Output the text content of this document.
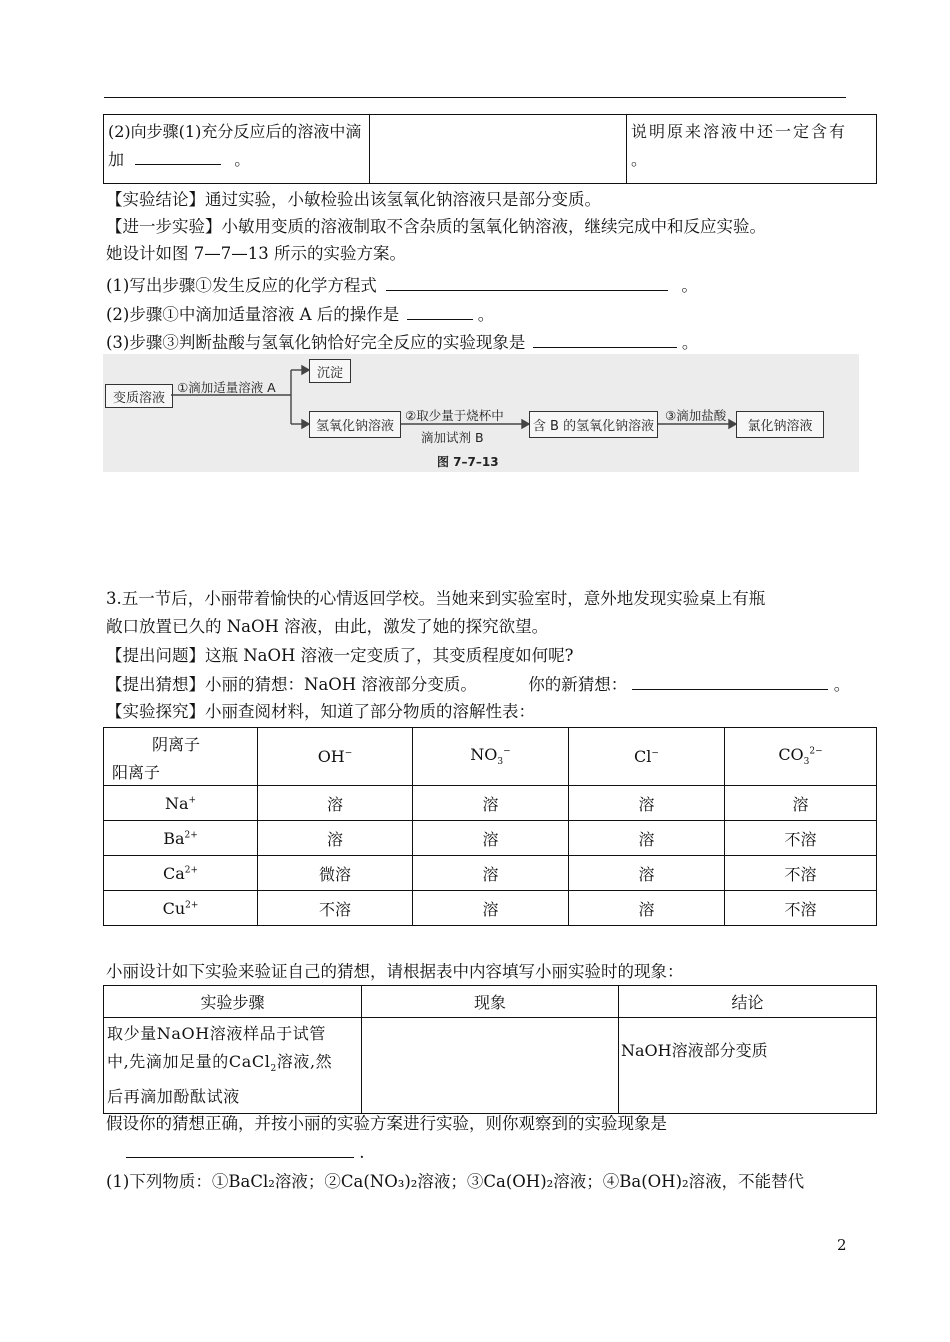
(2)向步骤(1)充分反应后的溶液中滴加	。		说明原来溶液中还一定含有
。
【实验结论】通过实验，小敏检验出该氢氧化钠溶液只是部分变质。
【进一步实验】小敏用变质的溶液制取不含杂质的氢氧化钠溶液，继续完成中和反应实验。
她设计如图 7—7—13 所示的实验方案。
(1)写出步骤①发生反应的化学方程式	。
(2)步骤①中滴加适量溶液 A 后的操作是	。
(3)步骤③判断盐酸与氢氧化钠恰好完全反应的实验现象是	。
变质溶液
①滴加适量溶液 A
沉淀
氢氧化钠溶液
②取少量于烧杯中
滴加试剂 B
含 B 的氢氧化钠溶液
③滴加盐酸
氯化钠溶液
图 7–7–13
3.五一节后，小丽带着愉快的心情返回学校。当她来到实验室时，意外地发现实验桌上有瓶
敞口放置已久的 NaOH 溶液，由此，激发了她的探究欲望。
【提出问题】这瓶 NaOH 溶液一定变质了，其变质程度如何呢?
【提出猜想】小丽的猜想：NaOH 溶液部分变质。	你的新猜想：	。
【实验探究】小丽查阅材料，知道了部分物质的溶解性表：
阴离子
阳离子	OH−	$NO_3^-$	Cl−	$CO_3^{2-}$
Na+	溶	溶	溶	溶
$Ba^{2+}$	溶	溶	溶	不溶
$Ca^{2+}$	微溶	溶	溶	不溶
$Cu^{2+}$	不溶	溶	溶	不溶
小丽设计如下实验来验证自己的猜想，请根据表中内容填写小丽实验时的现象：
实验步骤	现象	结论

取少量NaOH溶液样品于试管
中,先滴加足量的CaCl$_2$溶液,然
后再滴加酚酞试液		NaOH溶液部分变质
假设你的猜想正确，并按小丽的实验方案进行实验，则你观察到的实验现象是
.
(1)下列物质：①BaCl₂溶液；②Ca(NO₃)₂溶液；③Ca(OH)₂溶液；④Ba(OH)₂溶液，不能替代
2
